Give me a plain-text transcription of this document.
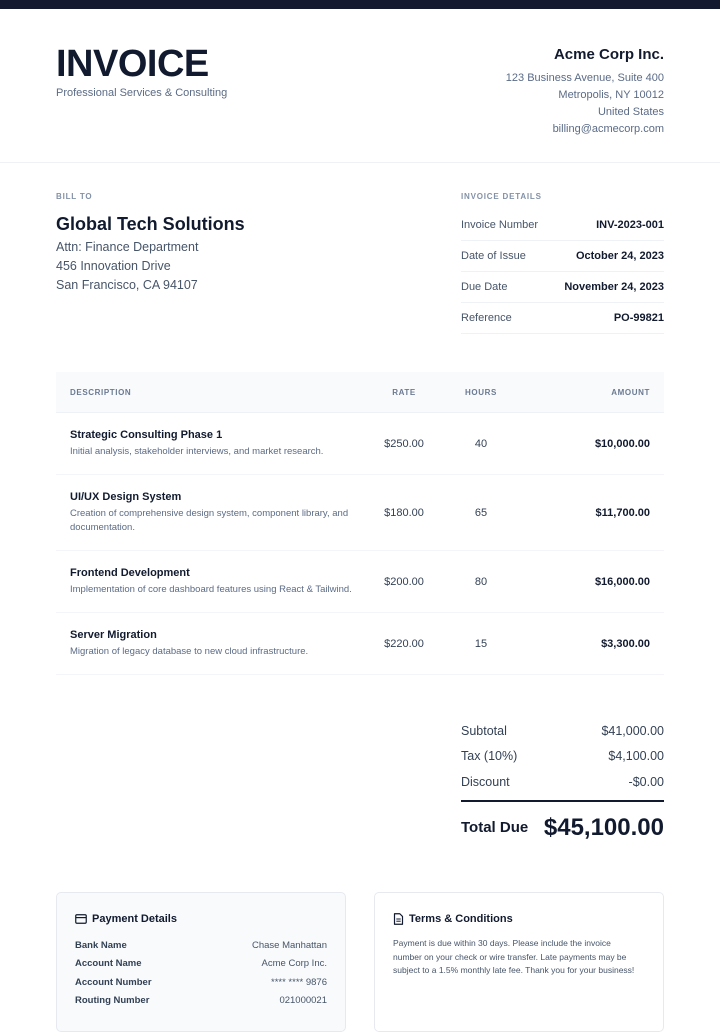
INVOICE
Professional Services & Consulting
Acme Corp Inc.
123 Business Avenue, Suite 400
Metropolis, NY 10012
United States
billing@acmecorp.com
BILL TO
Global Tech Solutions
Attn: Finance Department
456 Innovation Drive
San Francisco, CA 94107
INVOICE DETAILS
Invoice Number	INV-2023-001
Date of Issue	October 24, 2023
Due Date	November 24, 2023
Reference	PO-99821
DESCRIPTION	RATE	HOURS	AMOUNT
Strategic Consulting Phase 1
Initial analysis, stakeholder interviews, and market research.
$250.00	40	$10,000.00
UI/UX Design System
Creation of comprehensive design system, component library, and documentation.
$180.00	65	$11,700.00
Frontend Development
Implementation of core dashboard features using React & Tailwind.
$200.00	80	$16,000.00
Server Migration
Migration of legacy database to new cloud infrastructure.
$220.00	15	$3,300.00
Subtotal	$41,000.00
Tax (10%)	$4,100.00
Discount	-$0.00
Total Due $45,100.00
Payment Details
Bank Name	Chase Manhattan
Account Name	Acme Corp Inc.
Account Number	**** **** 9876
Routing Number	021000021
Terms & Conditions
Payment is due within 30 days. Please include the invoice number on your check or wire transfer. Late payments may be subject to a 1.5% monthly late fee. Thank you for your business!
